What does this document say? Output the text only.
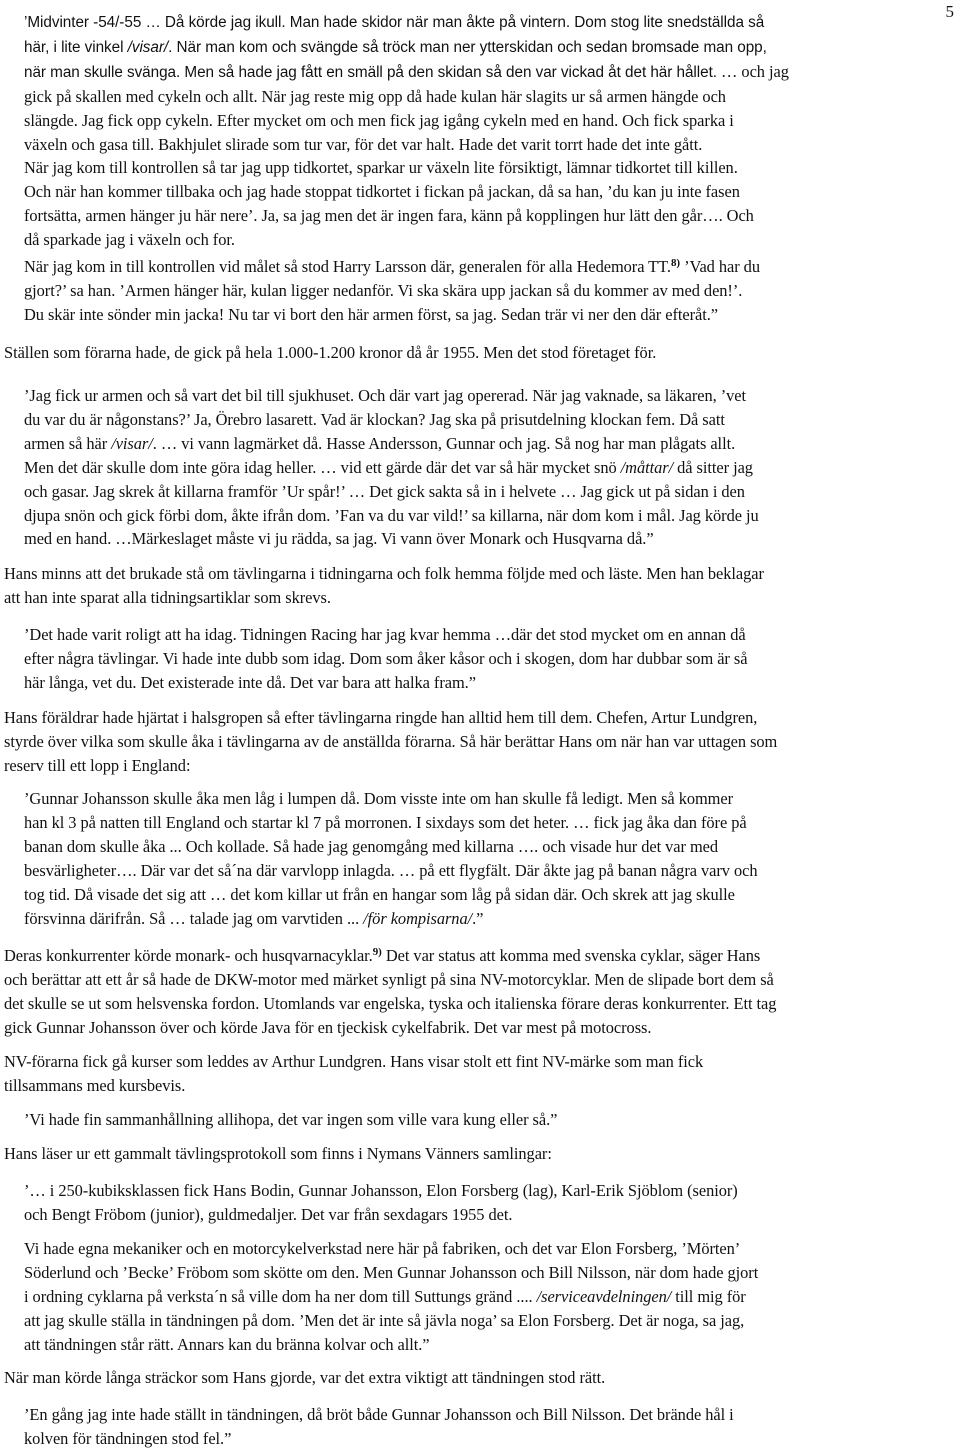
5

’Midvinter -54/-55 … Då körde jag ikull. Man hade skidor när man åkte på vintern. Dom stog lite snedställda så

här, i lite vinkel /visar/. När man kom och svängde så tröck man ner ytterskidan och sedan bromsade man opp,

när man skulle svänga. Men så hade jag fått en smäll på den skidan så den var vickad åt det här hållet. … och jag

gick på skallen med cykeln och allt. När jag reste mig opp då hade kulan här slagits ur så armen hängde och

slängde. Jag fick opp cykeln. Efter mycket om och men fick jag igång cykeln med en hand. Och fick sparka i

växeln och gasa till. Bakhjulet slirade som tur var, för det var halt. Hade det varit torrt hade det inte gått.

När jag kom till kontrollen så tar jag upp tidkortet, sparkar ur växeln lite försiktigt, lämnar tidkortet till killen.

Och när han kommer tillbaka och jag hade stoppat tidkortet i fickan på jackan, då sa han, ’du kan ju inte fasen

fortsätta, armen hänger ju här nere’. Ja, sa jag men det är ingen fara, känn på kopplingen hur lätt den går…. Och

då sparkade jag i växeln och for.

När jag kom in till kontrollen vid målet så stod Harry Larsson där, generalen för alla Hedemora TT.$^{8)}$ ’Vad har du

gjort?’ sa han. ’Armen hänger här, kulan ligger nedanför. Vi ska skära upp jackan så du kommer av med den!’.

Du skär inte sönder min jacka! Nu tar vi bort den här armen först, sa jag. Sedan trär vi ner den där efteråt.”

Ställen som förarna hade, de gick på hela 1.000-1.200 kronor då år 1955. Men det stod företaget för.

’Jag fick ur armen och så vart det bil till sjukhuset. Och där vart jag opererad. När jag vaknade, sa läkaren, ’vet

du var du är någonstans?’ Ja, Örebro lasarett. Vad är klockan? Jag ska på prisutdelning klockan fem. Då satt

armen så här /visar/. … vi vann lagmärket då. Hasse Andersson, Gunnar och jag. Så nog har man plågats allt.

Men det där skulle dom inte göra idag heller. … vid ett gärde där det var så här mycket snö /måttar/ då sitter jag

och gasar. Jag skrek åt killarna framför ’Ur spår!’ … Det gick sakta så in i helvete … Jag gick ut på sidan i den

djupa snön och gick förbi dom, åkte ifrån dom. ’Fan va du var vild!’ sa killarna, när dom kom i mål. Jag körde ju

med en hand. …Märkeslaget måste vi ju rädda, sa jag. Vi vann över Monark och Husqvarna då.”

Hans minns att det brukade stå om tävlingarna i tidningarna och folk hemma följde med och läste. Men han beklagar

att han inte sparat alla tidningsartiklar som skrevs.

’Det hade varit roligt att ha idag. Tidningen Racing har jag kvar hemma …där det stod mycket om en annan då

efter några tävlingar. Vi hade inte dubb som idag. Dom som åker kåsor och i skogen, dom har dubbar som är så

här långa, vet du. Det existerade inte då. Det var bara att halka fram.”

Hans föräldrar hade hjärtat i halsgropen så efter tävlingarna ringde han alltid hem till dem. Chefen, Artur Lundgren,

styrde över vilka som skulle åka i tävlingarna av de anställda förarna. Så här berättar Hans om när han var uttagen som

reserv till ett lopp i England:

’Gunnar Johansson skulle åka men låg i lumpen då. Dom visste inte om han skulle få ledigt. Men så kommer

han kl 3 på natten till England och startar kl 7 på morronen. I sixdays som det heter. … fick jag åka dan före på

banan dom skulle åka ... Och kollade. Så hade jag genomgång med killarna …. och visade hur det var med

besvärligheter…. Där var det så´na där varvlopp inlagda. … på ett flygfält. Där åkte jag på banan några varv och

tog tid. Då visade det sig att … det kom killar ut från en hangar som låg på sidan där. Och skrek att jag skulle

försvinna därifrån. Så … talade jag om varvtiden ... /för kompisarna/.”

Deras konkurrenter körde monark- och husqvarnacyklar.$^{9)}$ Det var status att komma med svenska cyklar, säger Hans

och berättar att ett år så hade de DKW-motor med märket synligt på sina NV-motorcyklar. Men de slipade bort dem så

det skulle se ut som helsvenska fordon. Utomlands var engelska, tyska och italienska förare deras konkurrenter. Ett tag

gick Gunnar Johansson över och körde Java för en tjeckisk cykelfabrik. Det var mest på motocross.

NV-förarna fick gå kurser som leddes av Arthur Lundgren. Hans visar stolt ett fint NV-märke som man fick

tillsammans med kursbevis.

’Vi hade fin sammanhållning allihopa, det var ingen som ville vara kung eller så.”

Hans läser ur ett gammalt tävlingsprotokoll som finns i Nymans Vänners samlingar:

’… i 250-kubiksklassen fick Hans Bodin, Gunnar Johansson, Elon Forsberg (lag), Karl-Erik Sjöblom (senior)

och Bengt Fröbom (junior), guldmedaljer. Det var från sexdagars 1955 det.

Vi hade egna mekaniker och en motorcykelverkstad nere här på fabriken, och det var Elon Forsberg, ’Mörten’

Söderlund och ’Becke’ Fröbom som skötte om den. Men Gunnar Johansson och Bill Nilsson, när dom hade gjort

i ordning cyklarna på verksta´n så ville dom ha ner dom till Suttungs gränd .... /serviceavdelningen/ till mig för

att jag skulle ställa in tändningen på dom. ’Men det är inte så jävla noga’ sa Elon Forsberg. Det är noga, sa jag,

att tändningen står rätt. Annars kan du bränna kolvar och allt.”

När man körde långa sträckor som Hans gjorde, var det extra viktigt att tändningen stod rätt.

’En gång jag inte hade ställt in tändningen, då bröt både Gunnar Johansson och Bill Nilsson. Det brände hål i

kolven för tändningen stod fel.”
